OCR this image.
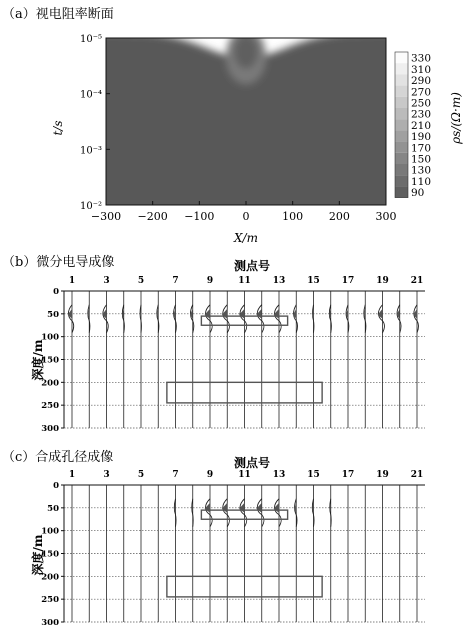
（a）视电阻率断面
−300 −200 −100	0	100 200 300
10⁻⁵
10⁻⁴
10⁻³
10⁻²
X/m
t/s
330
310
290
270
250
230
210
190
170
150
130
110
90
ρs/(Ω·m)
（b）微分电导成像	测点号
深度/m
1	3	5	7	9	11 13 15 17 19 21
0
50
100
150
200
250
300
（c）合成孔径成像	测点号
深度/m
1	3	5	7	9	11 13 15 17 19 21
0
50
100
150
200
250
300
